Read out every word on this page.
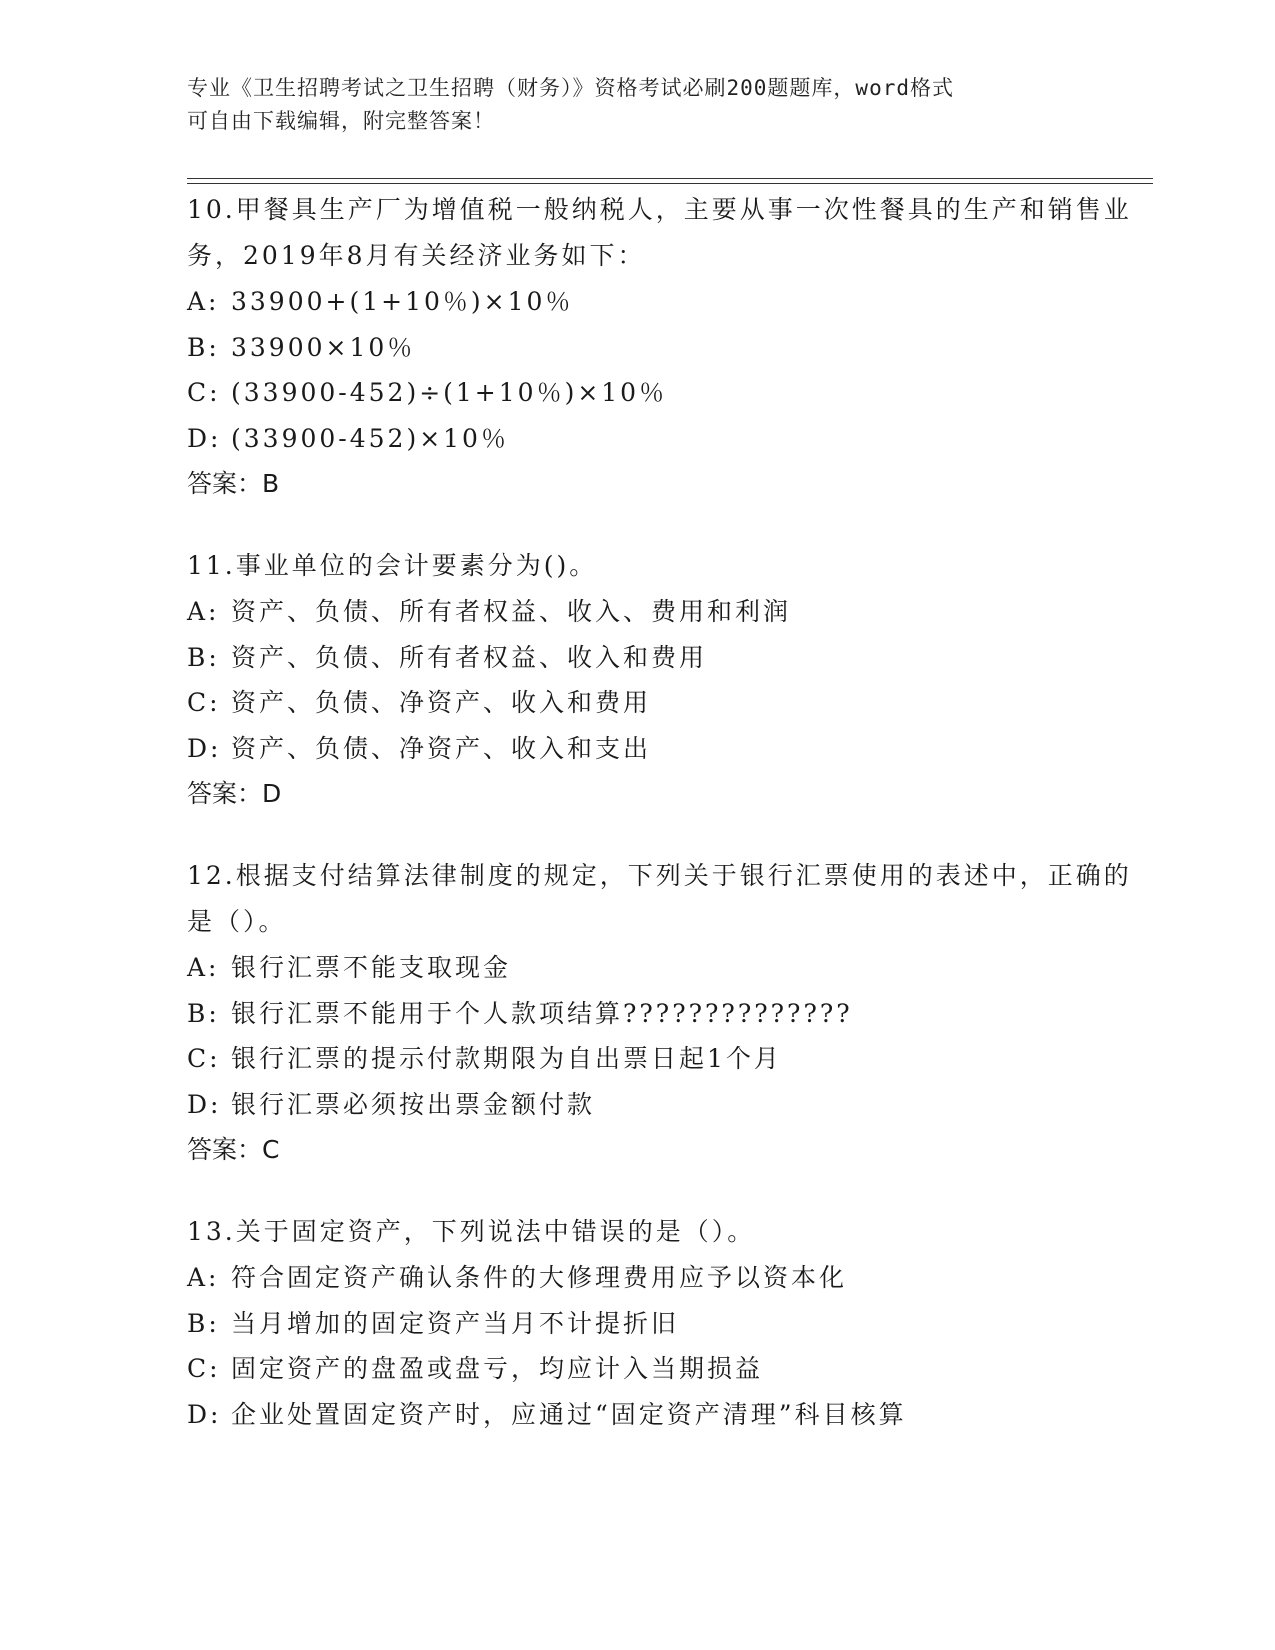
专业《卫生招聘考试之卫生招聘（财务）》资格考试必刷200题题库，word格式
可自由下载编辑，附完整答案！
10.甲餐具生产厂为增值税一般纳税人，主要从事一次性餐具的生产和销售业务，2019年8月有关经济业务如下：
A: 33900+(1+10％)×10％
B: 33900×10％
C: (33900-452)÷(1+10％)×10％
D: (33900-452)×10％
答案：B
11.事业单位的会计要素分为()。
A: 资产、负债、所有者权益、收入、费用和利润
B: 资产、负债、所有者权益、收入和费用
C: 资产、负债、净资产、收入和费用
D: 资产、负债、净资产、收入和支出
答案：D
12.根据支付结算法律制度的规定，下列关于银行汇票使用的表述中，正确的是（）。
A: 银行汇票不能支取现金
B: 银行汇票不能用于个人款项结算??????????????
C: 银行汇票的提示付款期限为自出票日起1个月
D: 银行汇票必须按出票金额付款
答案：C
13.关于固定资产，下列说法中错误的是（）。
A: 符合固定资产确认条件的大修理费用应予以资本化
B: 当月增加的固定资产当月不计提折旧
C: 固定资产的盘盈或盘亏，均应计入当期损益
D: 企业处置固定资产时，应通过“固定资产清理”科目核算
